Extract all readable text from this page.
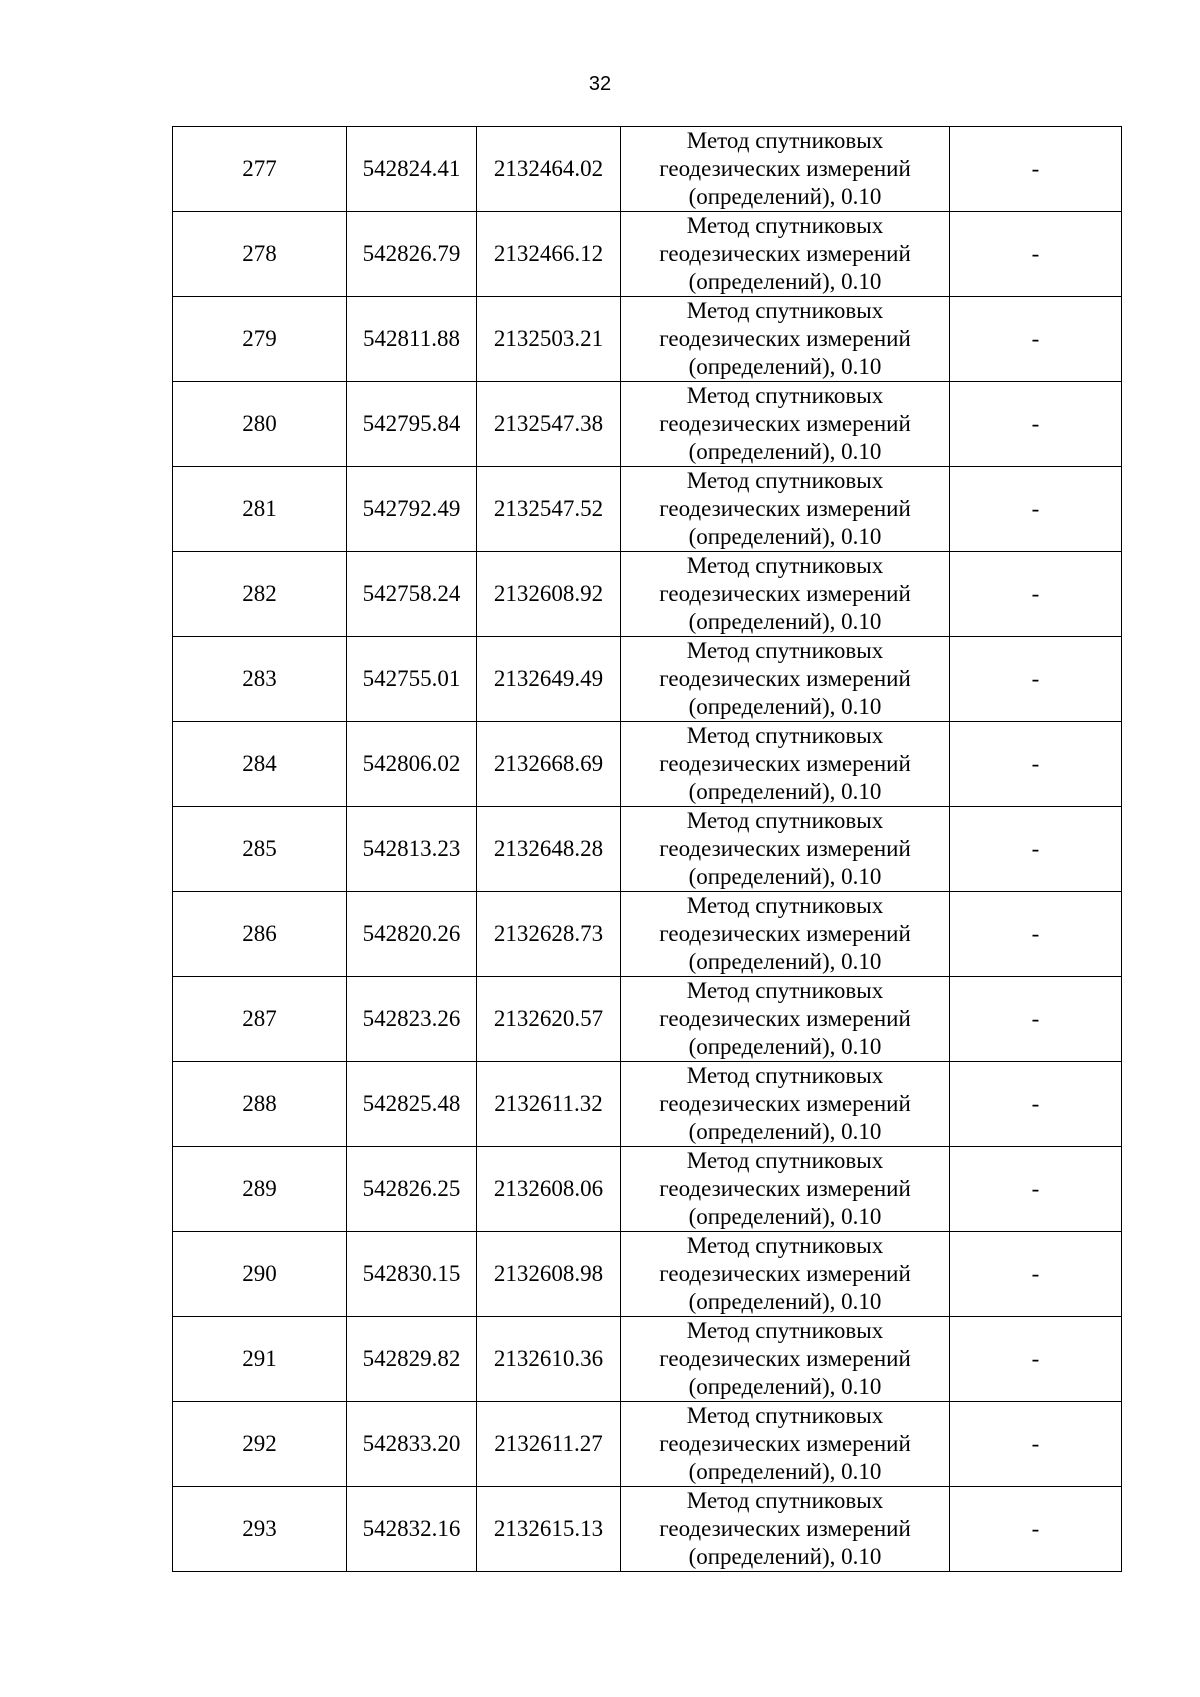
32
277	542824.41	2132464.02	Метод спутниковых
геодезических измерений
(определений), 0.10	-
278	542826.79	2132466.12	Метод спутниковых
геодезических измерений
(определений), 0.10	-
279	542811.88	2132503.21	Метод спутниковых
геодезических измерений
(определений), 0.10	-
280	542795.84	2132547.38	Метод спутниковых
геодезических измерений
(определений), 0.10	-
281	542792.49	2132547.52	Метод спутниковых
геодезических измерений
(определений), 0.10	-
282	542758.24	2132608.92	Метод спутниковых
геодезических измерений
(определений), 0.10	-
283	542755.01	2132649.49	Метод спутниковых
геодезических измерений
(определений), 0.10	-
284	542806.02	2132668.69	Метод спутниковых
геодезических измерений
(определений), 0.10	-
285	542813.23	2132648.28	Метод спутниковых
геодезических измерений
(определений), 0.10	-
286	542820.26	2132628.73	Метод спутниковых
геодезических измерений
(определений), 0.10	-
287	542823.26	2132620.57	Метод спутниковых
геодезических измерений
(определений), 0.10	-
288	542825.48	2132611.32	Метод спутниковых
геодезических измерений
(определений), 0.10	-
289	542826.25	2132608.06	Метод спутниковых
геодезических измерений
(определений), 0.10	-
290	542830.15	2132608.98	Метод спутниковых
геодезических измерений
(определений), 0.10	-
291	542829.82	2132610.36	Метод спутниковых
геодезических измерений
(определений), 0.10	-
292	542833.20	2132611.27	Метод спутниковых
геодезических измерений
(определений), 0.10	-
293	542832.16	2132615.13	Метод спутниковых
геодезических измерений
(определений), 0.10	-
